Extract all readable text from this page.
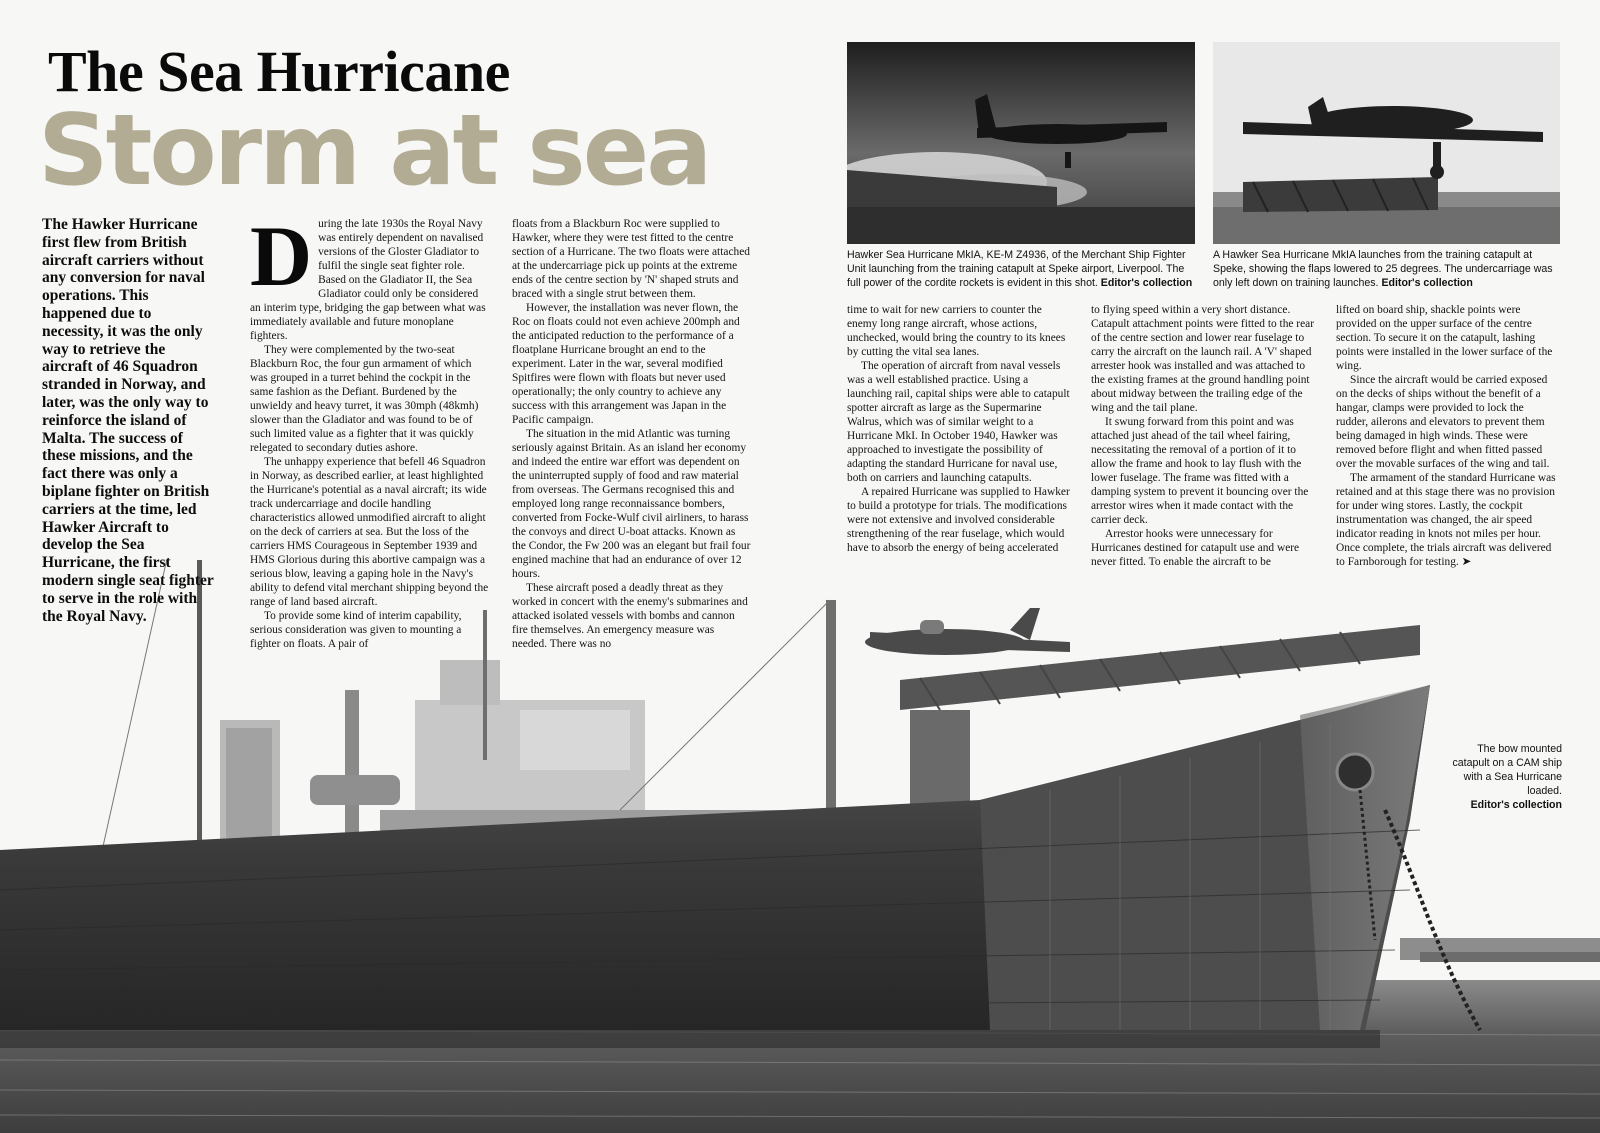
The Sea Hurricane
Storm at sea
The Hawker Hurricane first flew from British aircraft carriers without any conversion for naval operations. This happened due to necessity, it was the only way to retrieve the aircraft of 46 Squadron stranded in Norway, and later, was the only way to reinforce the island of Malta. The success of these missions, and the fact there was only a biplane fighter on British carriers at the time, led Hawker Aircraft to develop the Sea Hurricane, the first modern single seat fighter to serve in the role with the Royal Navy.
D uring the late 1930s the Royal Navy was entirely dependent on navalised versions of the Gloster Gladiator to fulfil the single seat fighter role. Based on the Gladiator II, the Sea Gladiator could only be considered an interim type, bridging the gap between what was immediately available and future monoplane fighters.

They were complemented by the two-seat Blackburn Roc, the four gun armament of which was grouped in a turret behind the cockpit in the same fashion as the Defiant. Burdened by the unwieldy and heavy turret, it was 30mph (48kmh) slower than the Gladiator and was found to be of such limited value as a fighter that it was quickly relegated to secondary duties ashore.

The unhappy experience that befell 46 Squadron in Norway, as described earlier, at least highlighted the Hurricane's potential as a naval aircraft; its wide track undercarriage and docile handling characteristics allowed unmodified aircraft to alight on the deck of carriers at sea. But the loss of the carriers HMS Courageous in September 1939 and HMS Glorious during this abortive campaign was a serious blow, leaving a gaping hole in the Navy's ability to defend vital merchant shipping beyond the range of land based aircraft.

To provide some kind of interim capability, serious consideration was given to mounting a fighter on floats. A pair of

floats from a Blackburn Roc were supplied to Hawker, where they were test fitted to the centre section of a Hurricane. The two floats were attached at the undercarriage pick up points at the extreme ends of the centre section by 'N' shaped struts and braced with a single strut between them.

However, the installation was never flown, the Roc on floats could not even achieve 200mph and the anticipated reduction to the performance of a floatplane Hurricane brought an end to the experiment. Later in the war, several modified Spitfires were flown with floats but never used operationally; the only country to achieve any success with this arrangement was Japan in the Pacific campaign.

The situation in the mid Atlantic was turning seriously against Britain. As an island her economy and indeed the entire war effort was dependent on the uninterrupted supply of food and raw material from overseas. The Germans recognised this and employed long range reconnaissance bombers, converted from Focke-Wulf civil airliners, to harass the convoys and direct U-boat attacks. Known as the Condor, the Fw 200 was an elegant but frail four engined machine that had an endurance of over 12 hours.

These aircraft posed a deadly threat as they worked in concert with the enemy's submarines and attacked isolated vessels with bombs and cannon fire themselves. An emergency measure was needed. There was no

time to wait for new carriers to counter the enemy long range aircraft, whose actions, unchecked, would bring the country to its knees by cutting the vital sea lanes.

The operation of aircraft from naval vessels was a well established practice. Using a launching rail, capital ships were able to catapult spotter aircraft as large as the Supermarine Walrus, which was of similar weight to a Hurricane MkI. In October 1940, Hawker was approached to investigate the possibility of adapting the standard Hurricane for naval use, both on carriers and launching catapults.

A repaired Hurricane was supplied to Hawker to build a prototype for trials. The modifications were not extensive and involved considerable strengthening of the rear fuselage, which would have to absorb the energy of being accelerated

to flying speed within a very short distance. Catapult attachment points were fitted to the rear of the centre section and lower rear fuselage to carry the aircraft on the launch rail. A 'V' shaped arrester hook was installed and was attached to the existing frames at the ground handling point about midway between the trailing edge of the wing and the tail plane.

It swung forward from this point and was attached just ahead of the tail wheel fairing, necessitating the removal of a portion of it to allow the frame and hook to lay flush with the lower fuselage. The frame was fitted with a damping system to prevent it bouncing over the arrestor wires when it made contact with the carrier deck.

Arrestor hooks were unnecessary for Hurricanes destined for catapult use and were never fitted. To enable the aircraft to be

lifted on board ship, shackle points were provided on the upper surface of the centre section. To secure it on the catapult, lashing points were installed in the lower surface of the wing.

Since the aircraft would be carried exposed on the decks of ships without the benefit of a hangar, clamps were provided to lock the rudder, ailerons and elevators to prevent them being damaged in high winds. These were removed before flight and when fitted passed over the movable surfaces of the wing and tail.

The armament of the standard Hurricane was retained and at this stage there was no provision for under wing stores. Lastly, the cockpit instrumentation was changed, the air speed indicator reading in knots not miles per hour. Once complete, the trials aircraft was delivered to Farnborough for testing. ➤

Hawker Sea Hurricane MkIA, KE-M Z4936, of the Merchant Ship Fighter Unit launching from the training catapult at Speke airport, Liverpool. The full power of the cordite rockets is evident in this shot. Editor's collection
A Hawker Sea Hurricane MkIA launches from the training catapult at Speke, showing the flaps lowered to 25 degrees. The undercarriage was only left down on training launches. Editor's collection
The bow mounted catapult on a CAM ship with a Sea Hurricane loaded.
Editor's collection
